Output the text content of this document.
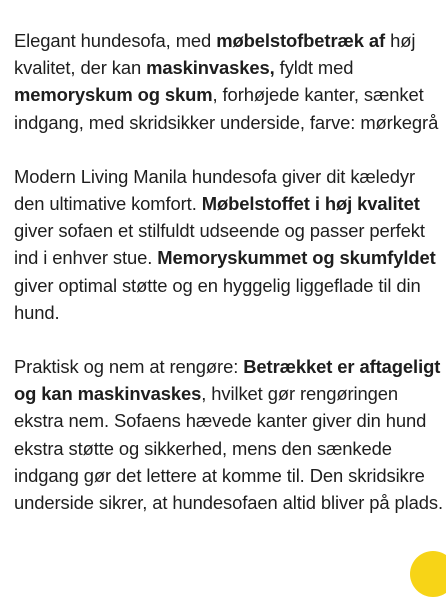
Elegant hundesofa, med møbelstofbetræk af høj kvalitet, der kan maskinvaskes, fyldt med memoryskum og skum, forhøjede kanter, sænket indgang, med skridsikker underside, farve: mørkegrå

Modern Living Manila hundesofa giver dit kæledyr den ultimative komfort. Møbelstoffet i høj kvalitet giver sofaen et stilfuldt udseende og passer perfekt ind i enhver stue. Memoryskummet og skumfyldet giver optimal støtte og en hyggelig liggeflade til din hund.

Praktisk og nem at rengøre: Betrækket er aftageligt og kan maskinvaskes, hvilket gør rengøringen ekstra nem. Sofaens hævede kanter giver din hund ekstra støtte og sikkerhed, mens den sænkede indgang gør det lettere at komme til. Den skridsikre underside sikrer, at hundesofaen altid bliver på plads.
